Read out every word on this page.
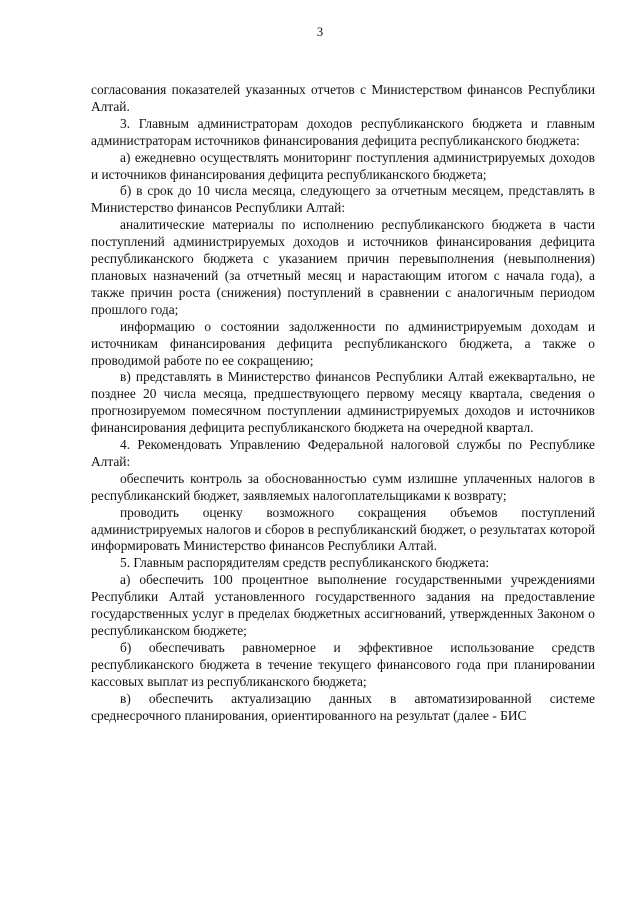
3

согласования показателей указанных отчетов с Министерством финансов Республики Алтай.

3. Главным администраторам доходов республиканского бюджета и главным администраторам источников финансирования дефицита республиканского бюджета:

а) ежедневно осуществлять мониторинг поступления администрируемых доходов и источников финансирования дефицита республиканского бюджета;

б) в срок до 10 числа месяца, следующего за отчетным месяцем, представлять в Министерство финансов Республики Алтай:

аналитические материалы по исполнению республиканского бюджета в части поступлений администрируемых доходов и источников финансирования дефицита республиканского бюджета с указанием причин перевыполнения (невыполнения) плановых назначений (за отчетный месяц и нарастающим итогом с начала года), а также причин роста (снижения) поступлений в сравнении с аналогичным периодом прошлого года;

информацию о состоянии задолженности по администрируемым доходам и источникам финансирования дефицита республиканского бюджета, а также о проводимой работе по ее сокращению;

в) представлять в Министерство финансов Республики Алтай ежеквартально, не позднее 20 числа месяца, предшествующего первому месяцу квартала, сведения о прогнозируемом помесячном поступлении администрируемых доходов и источников финансирования дефицита республиканского бюджета на очередной квартал.

4. Рекомендовать Управлению Федеральной налоговой службы по Республике Алтай:

обеспечить контроль за обоснованностью сумм излишне уплаченных налогов в республиканский бюджет, заявляемых налогоплательщиками к возврату;

проводить оценку возможного сокращения объемов поступлений администрируемых налогов и сборов в республиканский бюджет, о результатах которой информировать Министерство финансов Республики Алтай.

5. Главным распорядителям средств республиканского бюджета:

а) обеспечить 100 процентное выполнение государственными учреждениями Республики Алтай установленного государственного задания на предоставление государственных услуг в пределах бюджетных ассигнований, утвержденных Законом о республиканском бюджете;

б) обеспечивать равномерное и эффективное использование средств республиканского бюджета в течение текущего финансового года при планировании кассовых выплат из республиканского бюджета;

в) обеспечить актуализацию данных в автоматизированной системе среднесрочного планирования, ориентированного на результат (далее - БИС
